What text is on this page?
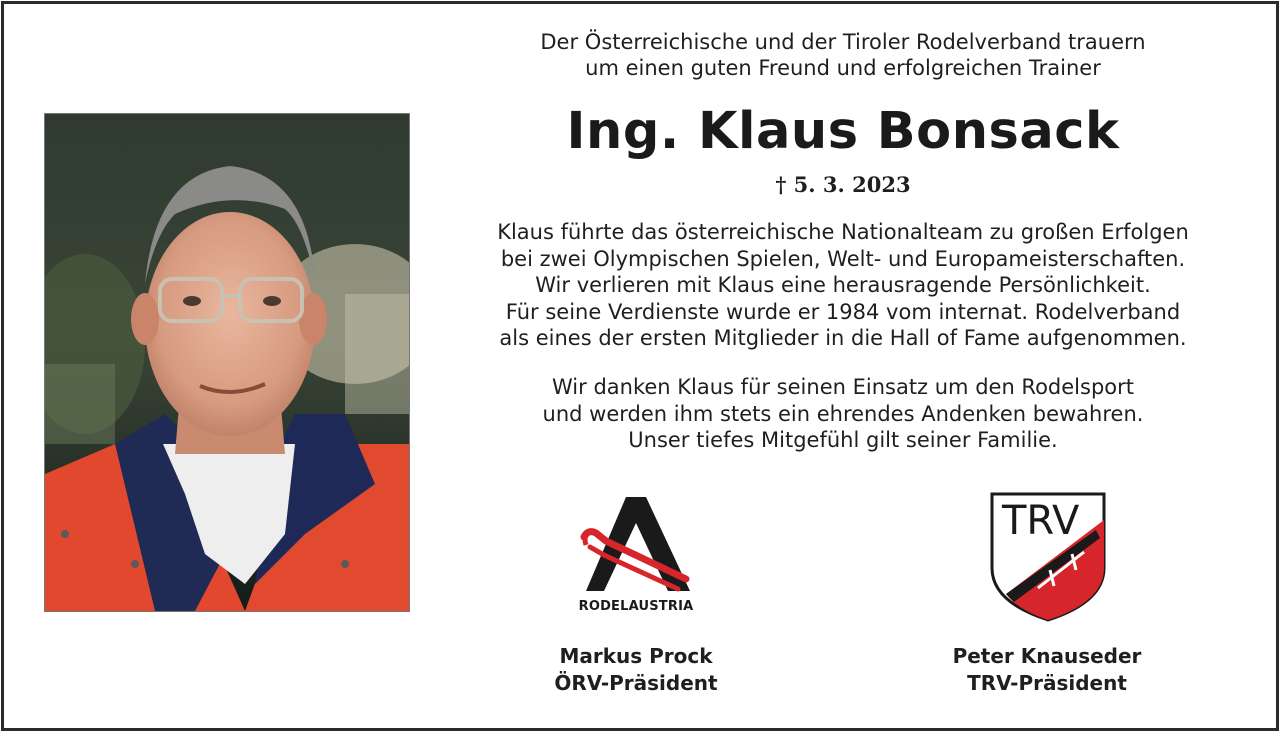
Der Österreichische und der Tiroler Rodelverband trauern
um einen guten Freund und erfolgreichen Trainer
Ing. Klaus Bonsack
† 5. 3. 2023
Klaus führte das österreichische Nationalteam zu großen Erfolgen
bei zwei Olympischen Spielen, Welt- und Europameisterschaften.
Wir verlieren mit Klaus eine herausragende Persönlichkeit.
Für seine Verdienste wurde er 1984 vom internat. Rodelverband
als eines der ersten Mitglieder in die Hall of Fame aufgenommen.
Wir danken Klaus für seinen Einsatz um den Rodelsport
und werden ihm stets ein ehrendes Andenken bewahren.
Unser tiefes Mitgefühl gilt seiner Familie.
RODELAUSTRIA
TRV
Markus Prock
ÖRV-Präsident
Peter Knauseder
TRV-Präsident
